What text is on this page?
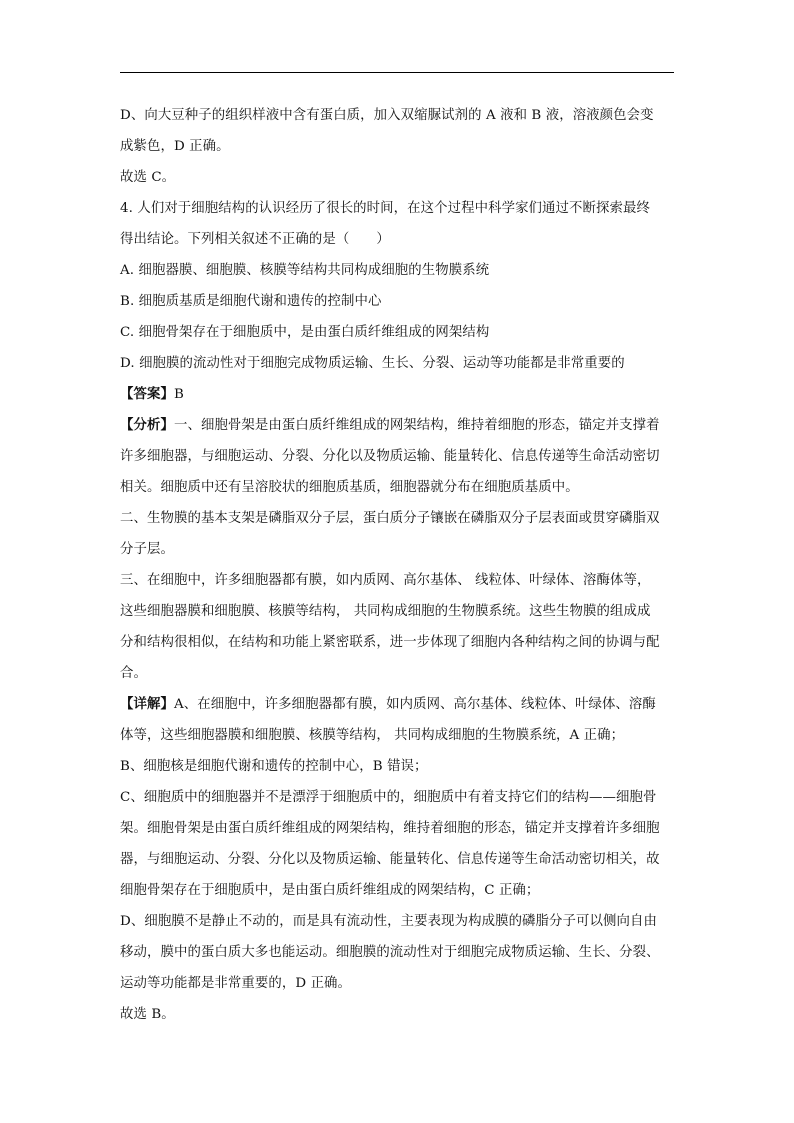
D、向大豆种子的组织样液中含有蛋白质，加入双缩脲试剂的 A 液和 B 液，溶液颜色会变
成紫色，D 正确。
故选 C。
4. 人们对于细胞结构的认识经历了很长的时间，在这个过程中科学家们通过不断探索最终
得出结论。下列相关叙述不正确的是（　　）
A. 细胞器膜、细胞膜、核膜等结构共同构成细胞的生物膜系统
B. 细胞质基质是细胞代谢和遗传的控制中心
C. 细胞骨架存在于细胞质中，是由蛋白质纤维组成的网架结构
D. 细胞膜的流动性对于细胞完成物质运输、生长、分裂、运动等功能都是非常重要的
【答案】B
【分析】一、细胞骨架是由蛋白质纤维组成的网架结构，维持着细胞的形态，锚定并支撑着
许多细胞器，与细胞运动、分裂、分化以及物质运输、能量转化、信息传递等生命活动密切
相关。细胞质中还有呈溶胶状的细胞质基质，细胞器就分布在细胞质基质中。
二、生物膜的基本支架是磷脂双分子层，蛋白质分子镶嵌在磷脂双分子层表面或贯穿磷脂双
分子层。
三、在细胞中，许多细胞器都有膜，如内质网、高尔基体、 线粒体、叶绿体、溶酶体等，
这些细胞器膜和细胞膜、核膜等结构， 共同构成细胞的生物膜系统。这些生物膜的组成成
分和结构很相似，在结构和功能上紧密联系，进一步体现了细胞内各种结构之间的协调与配
合。
【详解】A、在细胞中，许多细胞器都有膜，如内质网、高尔基体、线粒体、叶绿体、溶酶
体等，这些细胞器膜和细胞膜、核膜等结构， 共同构成细胞的生物膜系统，A 正确；
B、细胞核是细胞代谢和遗传的控制中心，B 错误；
C、细胞质中的细胞器并不是漂浮于细胞质中的，细胞质中有着支持它们的结构——细胞骨
架。细胞骨架是由蛋白质纤维组成的网架结构，维持着细胞的形态，锚定并支撑着许多细胞
器，与细胞运动、分裂、分化以及物质运输、能量转化、信息传递等生命活动密切相关，故
细胞骨架存在于细胞质中，是由蛋白质纤维组成的网架结构，C 正确；
D、细胞膜不是静止不动的，而是具有流动性，主要表现为构成膜的磷脂分子可以侧向自由
移动，膜中的蛋白质大多也能运动。细胞膜的流动性对于细胞完成物质运输、生长、分裂、
运动等功能都是非常重要的，D 正确。
故选 B。
